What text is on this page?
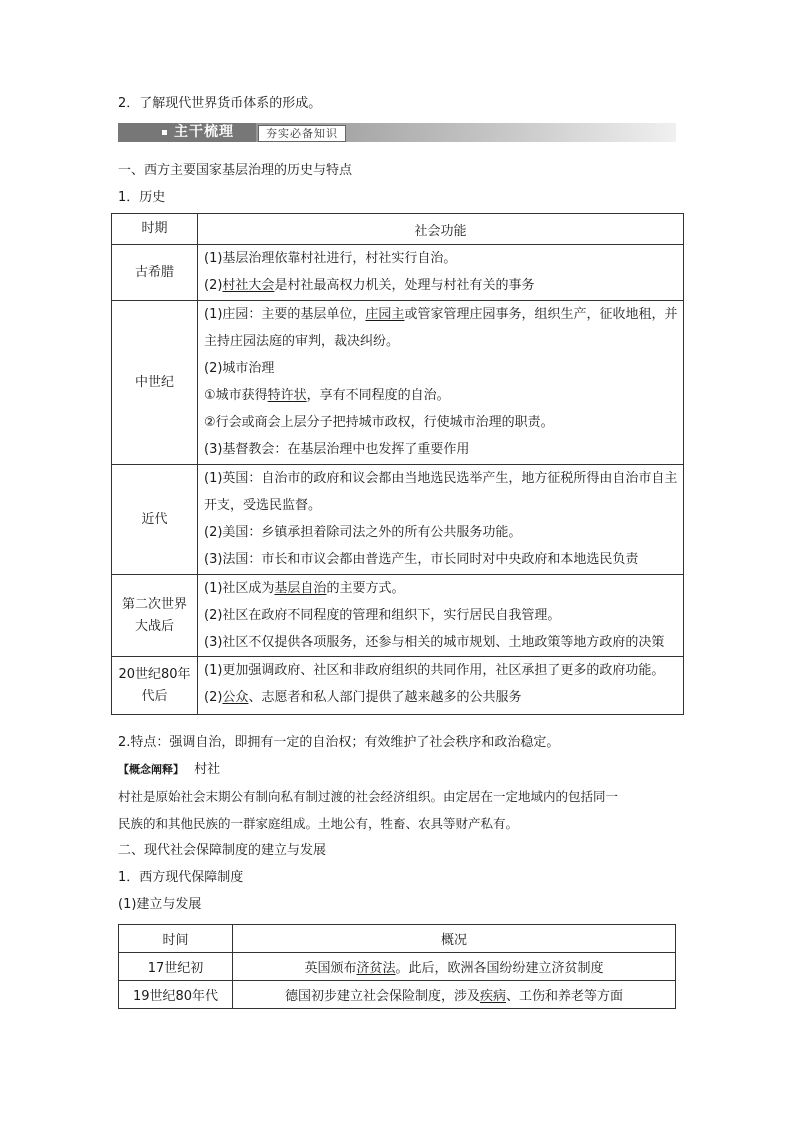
2．了解现代世界货币体系的形成。
主干梳理	夯实必备知识
一、西方主要国家基层治理的历史与特点
1．历史
时期	社会功能
古希腊	(1)基层治理依靠村社进行，村社实行自治。

(2)村社大会是村社最高权力机关，处理与村社有关的事务

中世纪	(1)庄园：主要的基层单位，庄园主或管家管理庄园事务，组织生产，征收地租，并主持庄园法庭的审判，裁决纠纷。

(2)城市治理

①城市获得特许状，享有不同程度的自治。

②行会或商会上层分子把持城市政权，行使城市治理的职责。

(3)基督教会：在基层治理中也发挥了重要作用

近代	(1)英国：自治市的政府和议会都由当地选民选举产生，地方征税所得由自治市自主开支，受选民监督。

(2)美国：乡镇承担着除司法之外的所有公共服务功能。

(3)法国：市长和市议会都由普选产生，市长同时对中央政府和本地选民负责

第二次世界大战后	(1)社区成为基层自治的主要方式。

(2)社区在政府不同程度的管理和组织下，实行居民自我管理。

(3)社区不仅提供各项服务，还参与相关的城市规划、土地政策等地方政府的决策

20世纪80年代后	(1)更加强调政府、社区和非政府组织的共同作用，社区承担了更多的政府功能。

(2)公众、志愿者和私人部门提供了越来越多的公共服务

2.特点：强调自治，即拥有一定的自治权；有效维护了社会秩序和政治稳定。
【概念阐释】 村社
村社是原始社会末期公有制向私有制过渡的社会经济组织。由定居在一定地域内的包括同一
民族的和其他民族的一群家庭组成。土地公有，牲畜、农具等财产私有。
二、现代社会保障制度的建立与发展
1．西方现代保障制度
(1)建立与发展
时间	概况
17世纪初	英国颁布济贫法。此后，欧洲各国纷纷建立济贫制度
19世纪80年代	德国初步建立社会保险制度，涉及疾病、工伤和养老等方面
